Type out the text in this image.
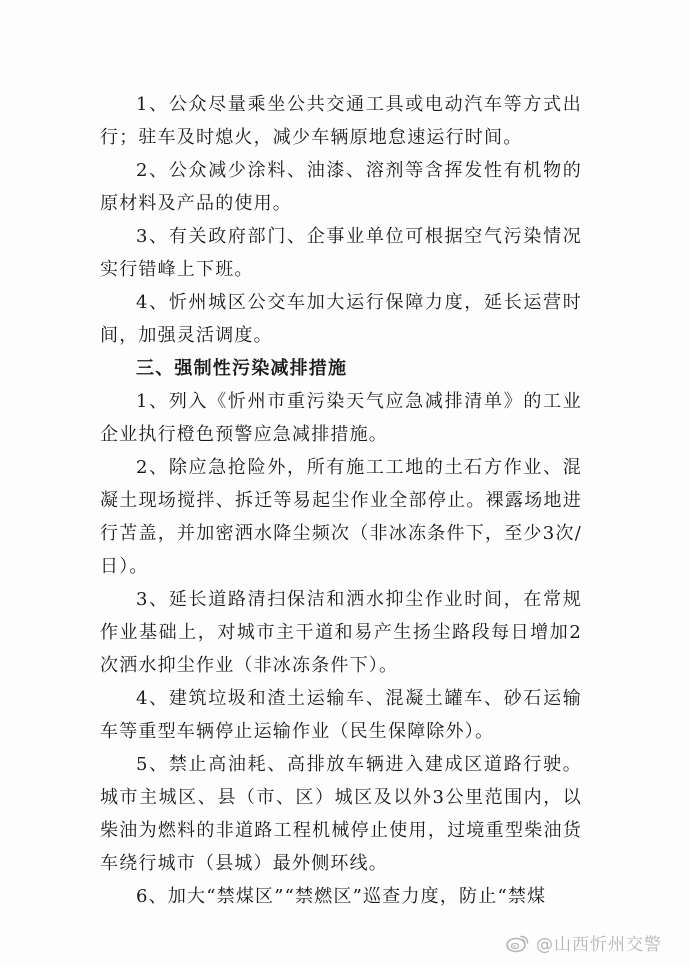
1、公众尽量乘坐公共交通工具或电动汽车等方式出行；驻车及时熄火，减少车辆原地怠速运行时间。

2、公众减少涂料、油漆、溶剂等含挥发性有机物的原材料及产品的使用。

3、有关政府部门、企事业单位可根据空气污染情况实行错峰上下班。

4、忻州城区公交车加大运行保障力度，延长运营时间，加强灵活调度。

三、强制性污染减排措施

1、列入《忻州市重污染天气应急减排清单》的工业企业执行橙色预警应急减排措施。

2、除应急抢险外，所有施工工地的土石方作业、混凝土现场搅拌、拆迁等易起尘作业全部停止。裸露场地进行苫盖，并加密洒水降尘频次（非冰冻条件下，至少3次/日）。

3、延长道路清扫保洁和洒水抑尘作业时间，在常规作业基础上，对城市主干道和易产生扬尘路段每日增加2次洒水抑尘作业（非冰冻条件下）。

4、建筑垃圾和渣土运输车、混凝土罐车、砂石运输车等重型车辆停止运输作业（民生保障除外）。

5、禁止高油耗、高排放车辆进入建成区道路行驶。城市主城区、县（市、区）城区及以外3公里范围内，以柴油为燃料的非道路工程机械停止使用，过境重型柴油货车绕行城市（县城）最外侧环线。

6、加大“禁煤区”“禁燃区”巡查力度，防止“禁煤

@山西忻州交警
